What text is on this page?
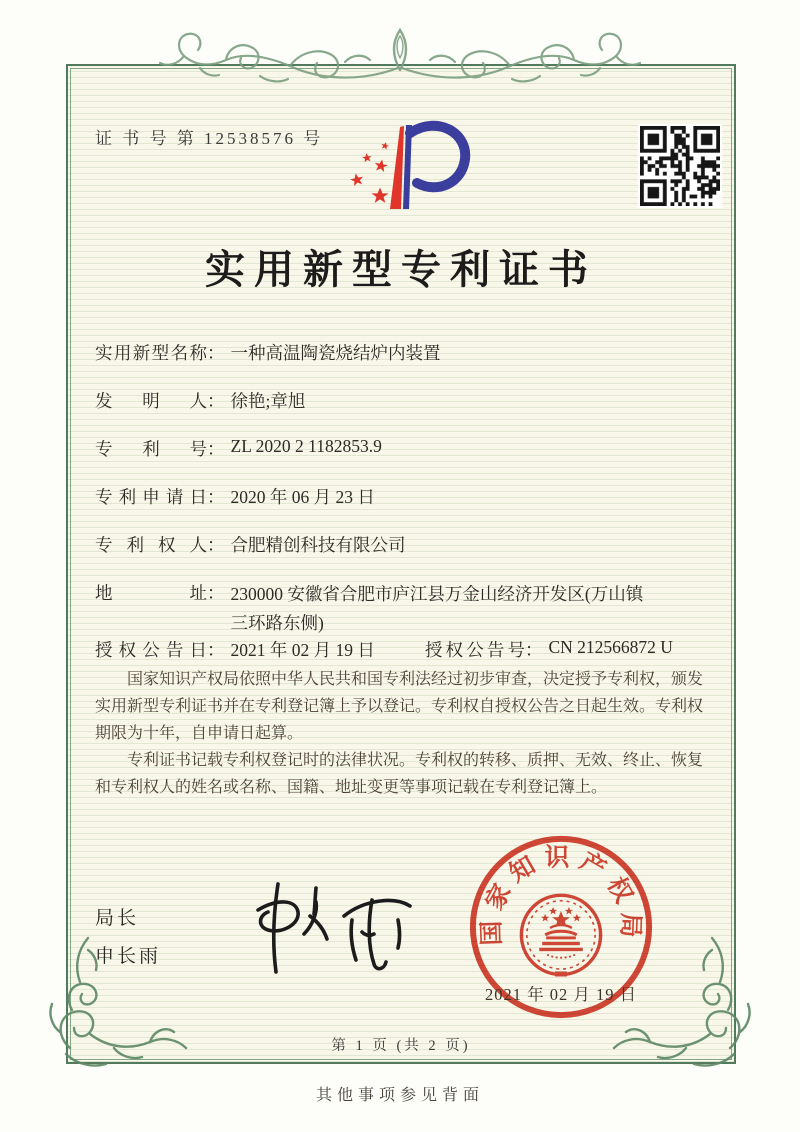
证 书 号 第 12538576 号
实用新型专利证书
实 用 新 型 名 称 ： 一种高温陶瓷烧结炉内装置
发 明 人 ： 徐艳;章旭
专 利 号 ： ZL 2020 2 1182853.9
专 利 申 请 日 ： 2020 年 06 月 23 日
专 利 权 人 ： 合肥精创科技有限公司
地	址 ： 230000 安徽省合肥市庐江县万金山经济开发区(万山镇三环路东侧)
授 权 公 告 日 ： 2021 年 02 月 19 日	授 权 公 告 号 ： CN 212566872 U

国家知识产权局依照中华人民共和国专利法经过初步审查，决定授予专利权，颁发实用新型专利证书并在专利登记簿上予以登记。专利权自授权公告之日起生效。专利权期限为十年，自申请日起算。

专利证书记载专利权登记时的法律状况。专利权的转移、质押、无效、终止、恢复和专利权人的姓名或名称、国籍、地址变更等事项记载在专利登记簿上。

局长
申长雨
国家知识产权局
2021 年 02 月 19 日
第 1 页 (共 2 页)
其他事项参见背面
